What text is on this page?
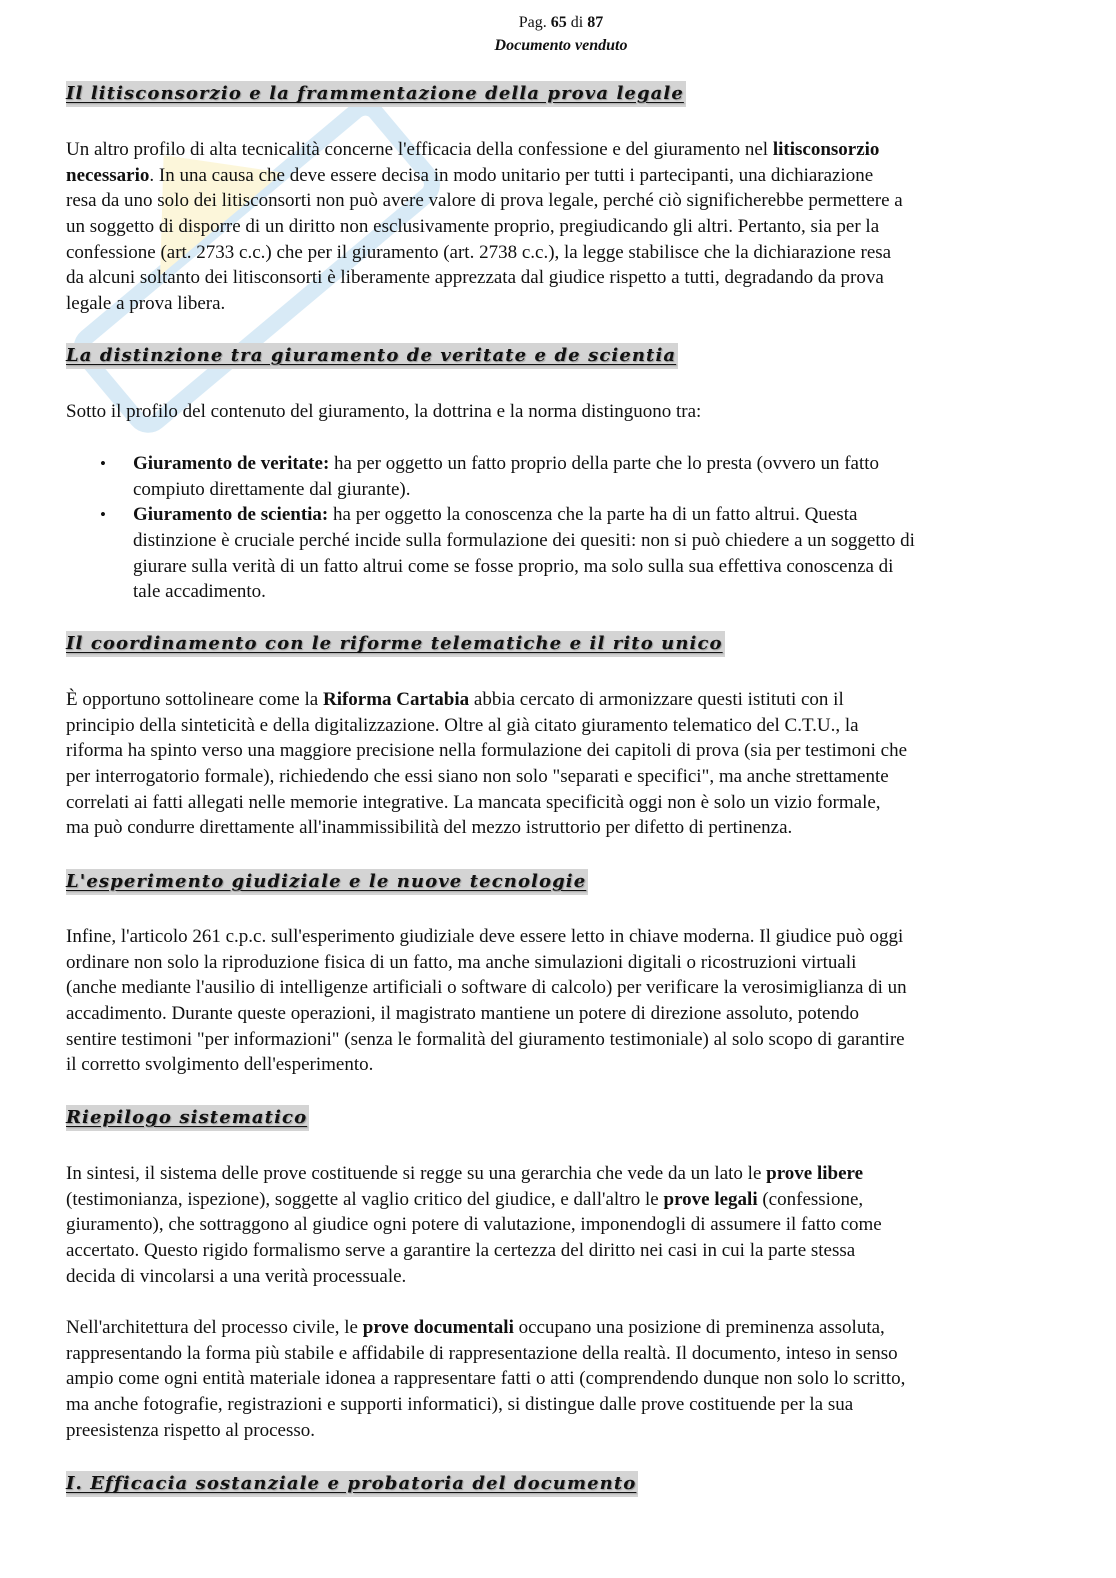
Pag. 65 di 87
Documento venduto
Il litisconsorzio e la frammentazione della prova legale
Un altro profilo di alta tecnicalità concerne l'efficacia della confessione e del giuramento nel litisconsorzio
necessario. In una causa che deve essere decisa in modo unitario per tutti i partecipanti, una dichiarazione
resa da uno solo dei litisconsorti non può avere valore di prova legale, perché ciò significherebbe permettere a
un soggetto di disporre di un diritto non esclusivamente proprio, pregiudicando gli altri. Pertanto, sia per la
confessione (art. 2733 c.c.) che per il giuramento (art. 2738 c.c.), la legge stabilisce che la dichiarazione resa
da alcuni soltanto dei litisconsorti è liberamente apprezzata dal giudice rispetto a tutti, degradando da prova
legale a prova libera.
La distinzione tra giuramento de veritate e de scientia
Sotto il profilo del contenuto del giuramento, la dottrina e la norma distinguono tra:
• Giuramento de veritate: ha per oggetto un fatto proprio della parte che lo presta (ovvero un fatto
compiuto direttamente dal giurante).
• Giuramento de scientia: ha per oggetto la conoscenza che la parte ha di un fatto altrui. Questa
distinzione è cruciale perché incide sulla formulazione dei quesiti: non si può chiedere a un soggetto di
giurare sulla verità di un fatto altrui come se fosse proprio, ma solo sulla sua effettiva conoscenza di
tale accadimento.
Il coordinamento con le riforme telematiche e il rito unico
È opportuno sottolineare come la Riforma Cartabia abbia cercato di armonizzare questi istituti con il
principio della sinteticità e della digitalizzazione. Oltre al già citato giuramento telematico del C.T.U., la
riforma ha spinto verso una maggiore precisione nella formulazione dei capitoli di prova (sia per testimoni che
per interrogatorio formale), richiedendo che essi siano non solo "separati e specifici", ma anche strettamente
correlati ai fatti allegati nelle memorie integrative. La mancata specificità oggi non è solo un vizio formale,
ma può condurre direttamente all'inammissibilità del mezzo istruttorio per difetto di pertinenza.
L'esperimento giudiziale e le nuove tecnologie
Infine, l'articolo 261 c.p.c. sull'esperimento giudiziale deve essere letto in chiave moderna. Il giudice può oggi
ordinare non solo la riproduzione fisica di un fatto, ma anche simulazioni digitali o ricostruzioni virtuali
(anche mediante l'ausilio di intelligenze artificiali o software di calcolo) per verificare la verosimiglianza di un
accadimento. Durante queste operazioni, il magistrato mantiene un potere di direzione assoluto, potendo
sentire testimoni "per informazioni" (senza le formalità del giuramento testimoniale) al solo scopo di garantire
il corretto svolgimento dell'esperimento.
Riepilogo sistematico
In sintesi, il sistema delle prove costituende si regge su una gerarchia che vede da un lato le prove libere
(testimonianza, ispezione), soggette al vaglio critico del giudice, e dall'altro le prove legali (confessione,
giuramento), che sottraggono al giudice ogni potere di valutazione, imponendogli di assumere il fatto come
accertato. Questo rigido formalismo serve a garantire la certezza del diritto nei casi in cui la parte stessa
decida di vincolarsi a una verità processuale.
Nell'architettura del processo civile, le prove documentali occupano una posizione di preminenza assoluta,
rappresentando la forma più stabile e affidabile di rappresentazione della realtà. Il documento, inteso in senso
ampio come ogni entità materiale idonea a rappresentare fatti o atti (comprendendo dunque non solo lo scritto,
ma anche fotografie, registrazioni e supporti informatici), si distingue dalle prove costituende per la sua
preesistenza rispetto al processo.
I. Efficacia sostanziale e probatoria del documento
